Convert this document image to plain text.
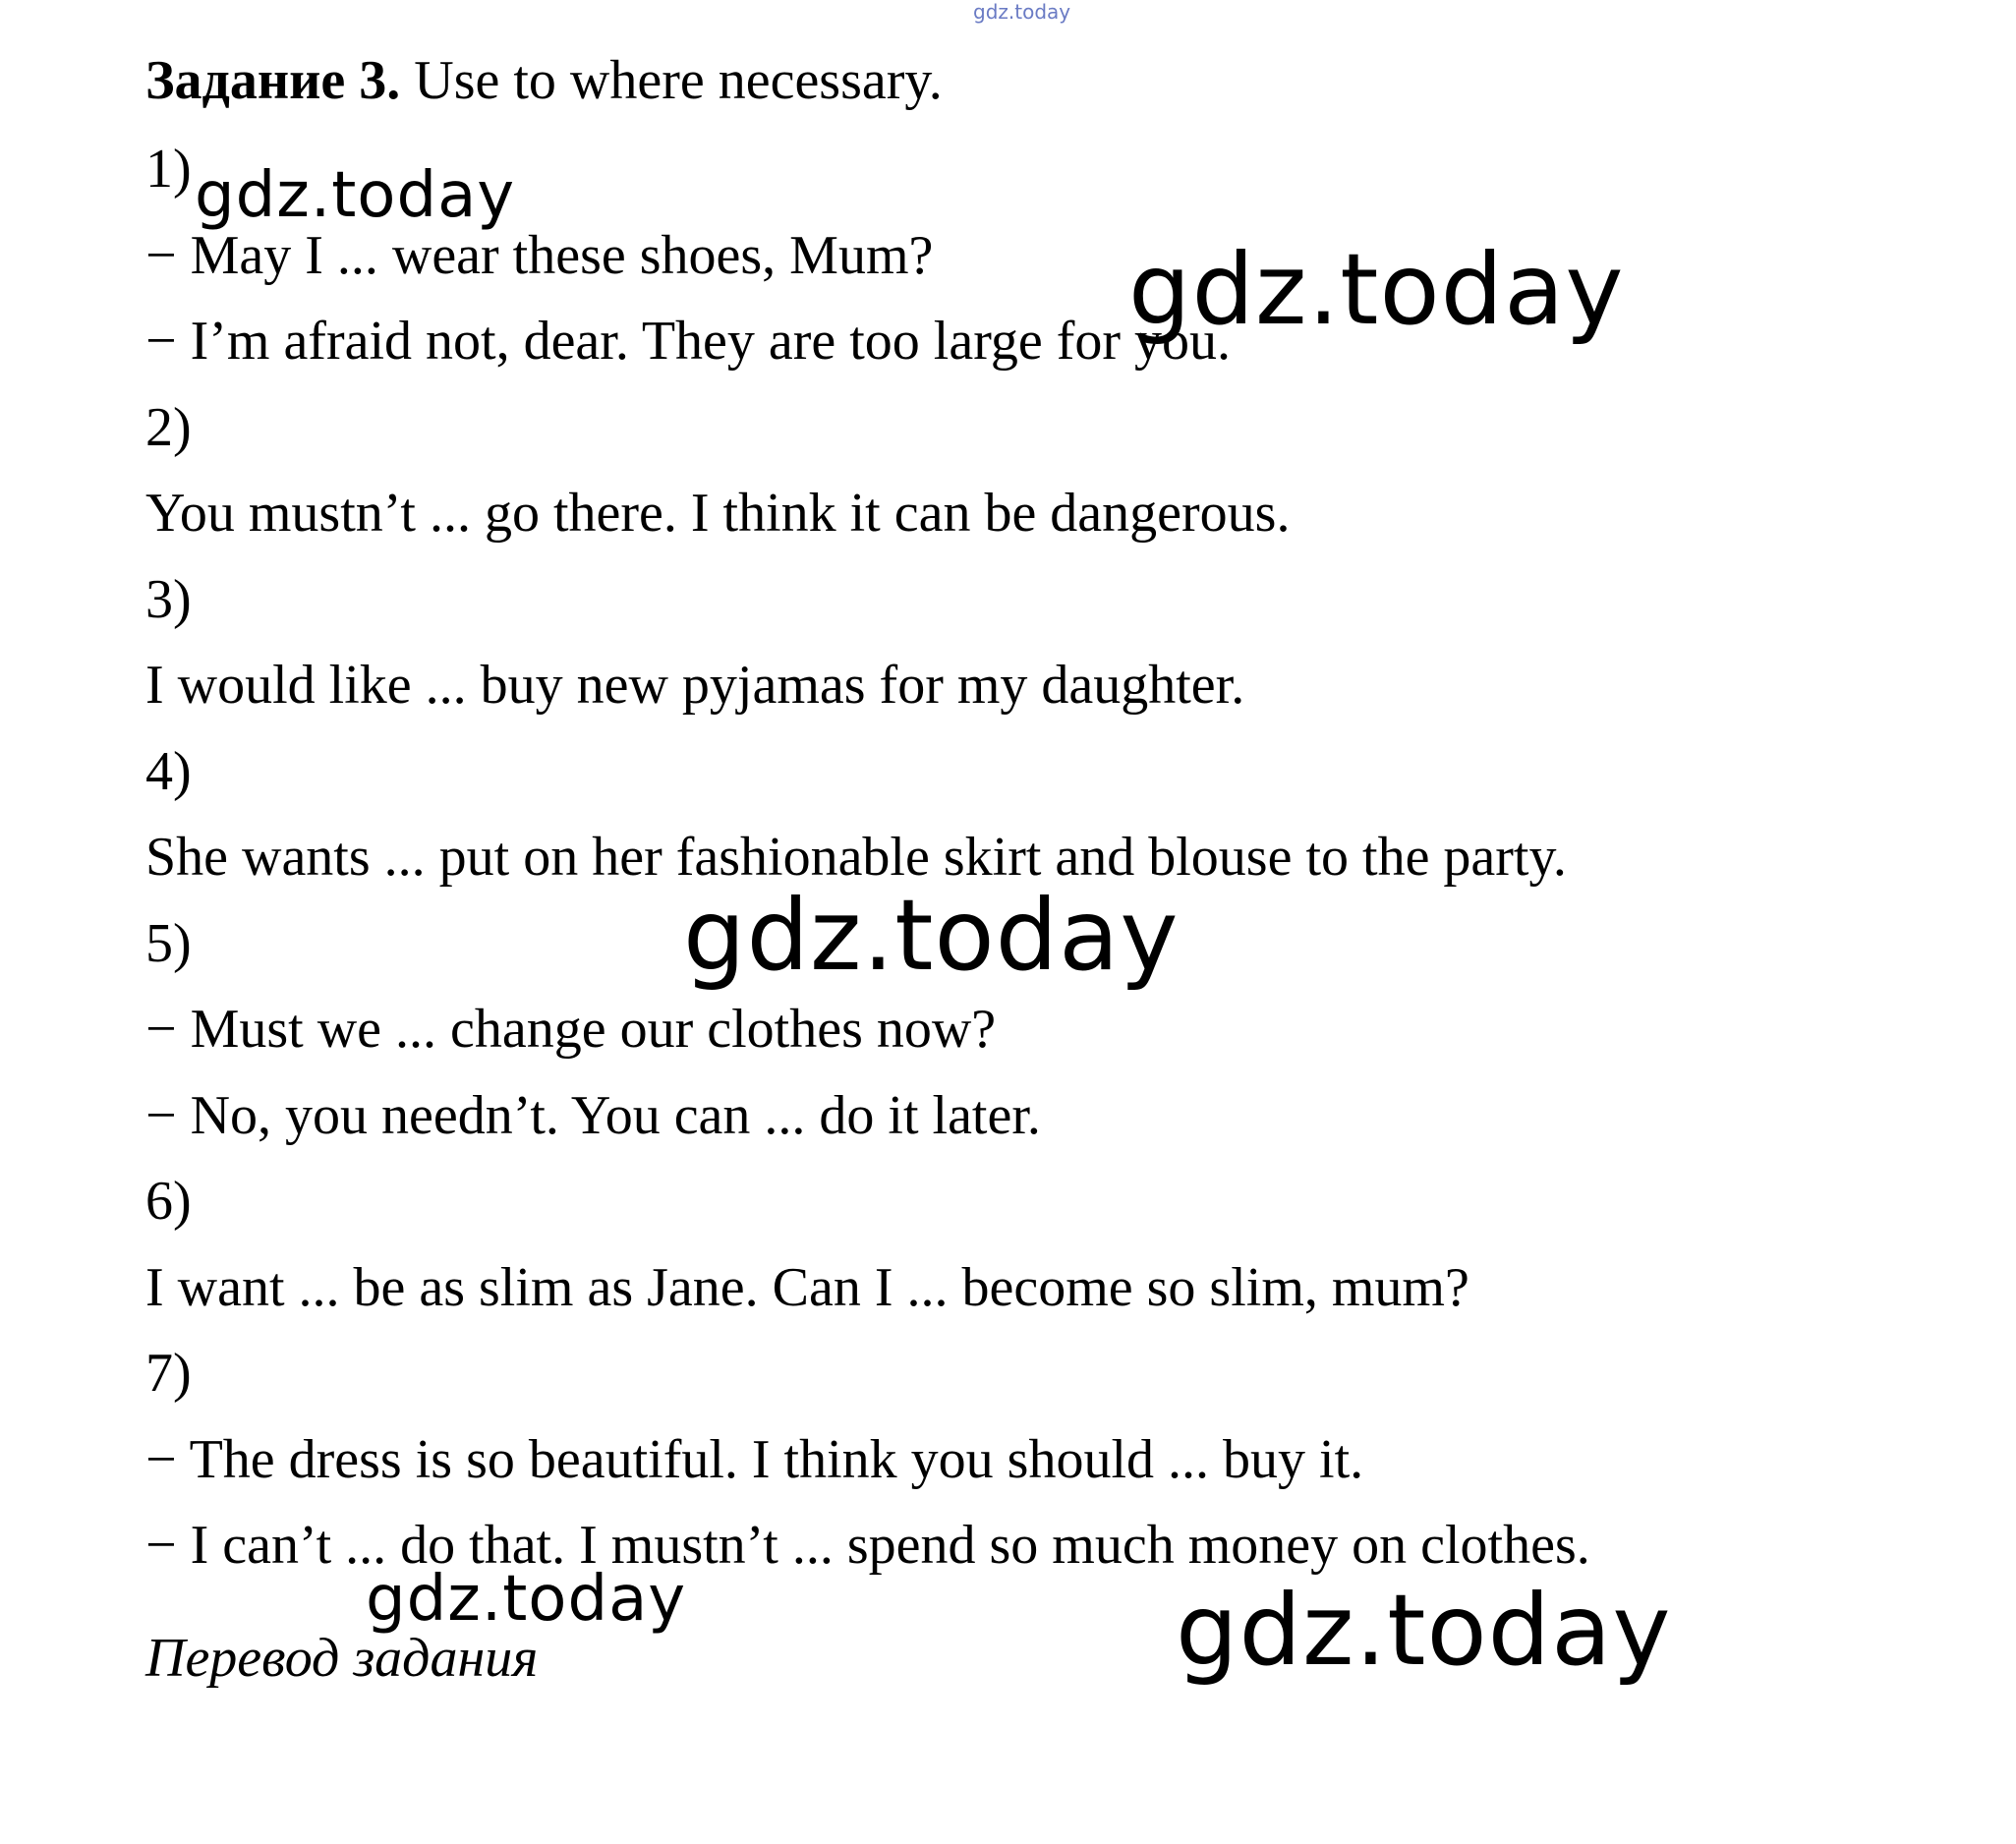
gdz.today
Задание 3. Use to where necessary.
1)
− May I ... wear these shoes, Mum?
− I’m afraid not, dear. They are too large for you.
2)
You mustn’t ... go there. I think it can be dangerous.
3)
I would like ... buy new pyjamas for my daughter.
4)
She wants ... put on her fashionable skirt and blouse to the party.
5)
− Must we ... change our clothes now?
− No, you needn’t. You can ... do it later.
6)
I want ... be as slim as Jane. Can I ... become so slim, mum?
7)
− The dress is so beautiful. I think you should ... buy it.
− I can’t ... do that. I mustn’t ... spend so much money on clothes.
Перевод задания
gdz.today
gdz.today
gdz.today
gdz.today	gdz.today
